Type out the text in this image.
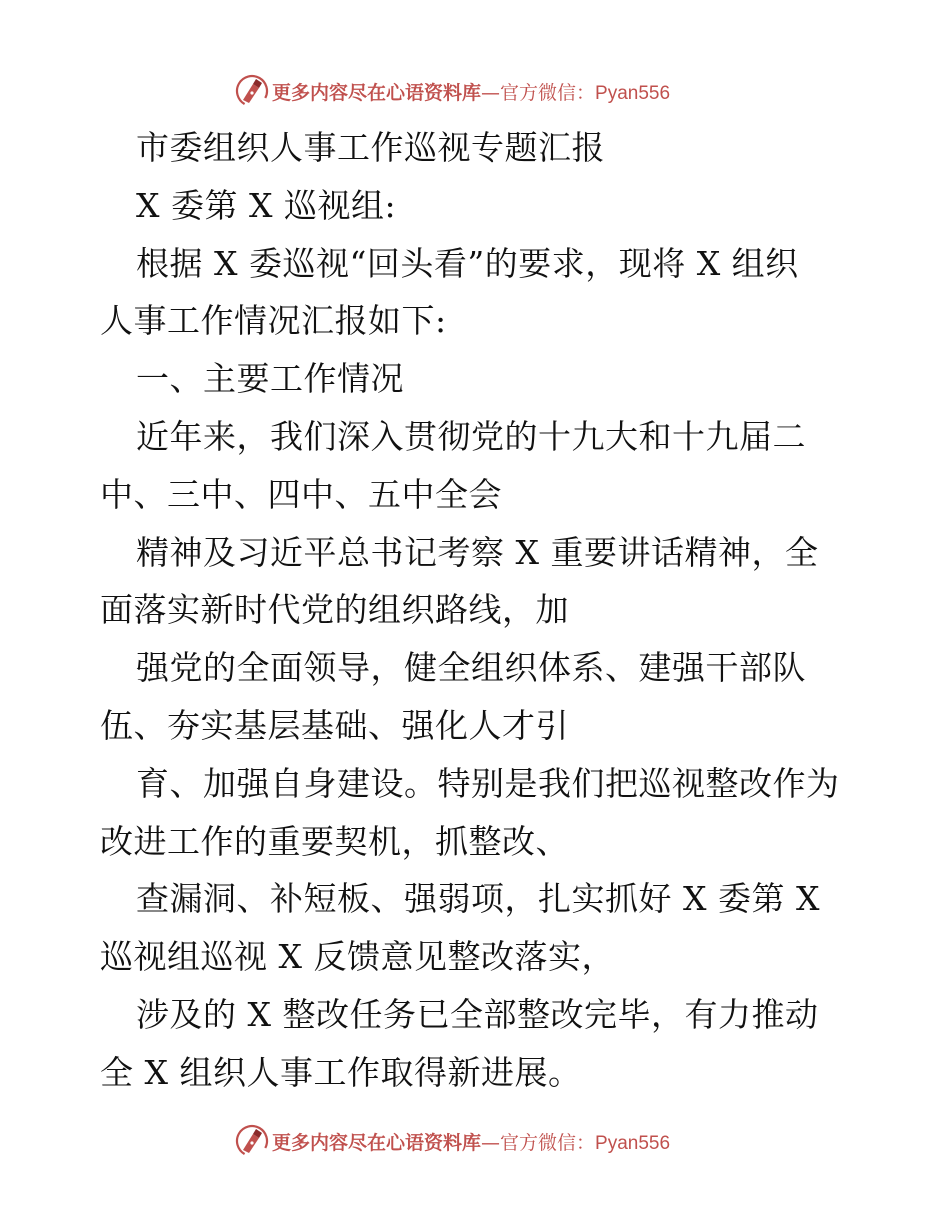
更多内容尽在心语资料库—官方微信：Pyan556
市委组织人事工作巡视专题汇报
X 委第 X 巡视组:
根据 X 委巡视“回头看”的要求，现将 X 组织
人事工作情况汇报如下:
一、主要工作情况
近年来，我们深入贯彻党的十九大和十九届二
中、三中、四中、五中全会
精神及习近平总书记考察 X 重要讲话精神，全
面落实新时代党的组织路线，加
强党的全面领导，健全组织体系、建强干部队
伍、夯实基层基础、强化人才引
育、加强自身建设。特别是我们把巡视整改作为
改进工作的重要契机，抓整改、
查漏洞、补短板、强弱项，扎实抓好 X 委第 X
巡视组巡视 X 反馈意见整改落实，
涉及的 X 整改任务已全部整改完毕，有力推动
全 X 组织人事工作取得新进展。
更多内容尽在心语资料库—官方微信：Pyan556
